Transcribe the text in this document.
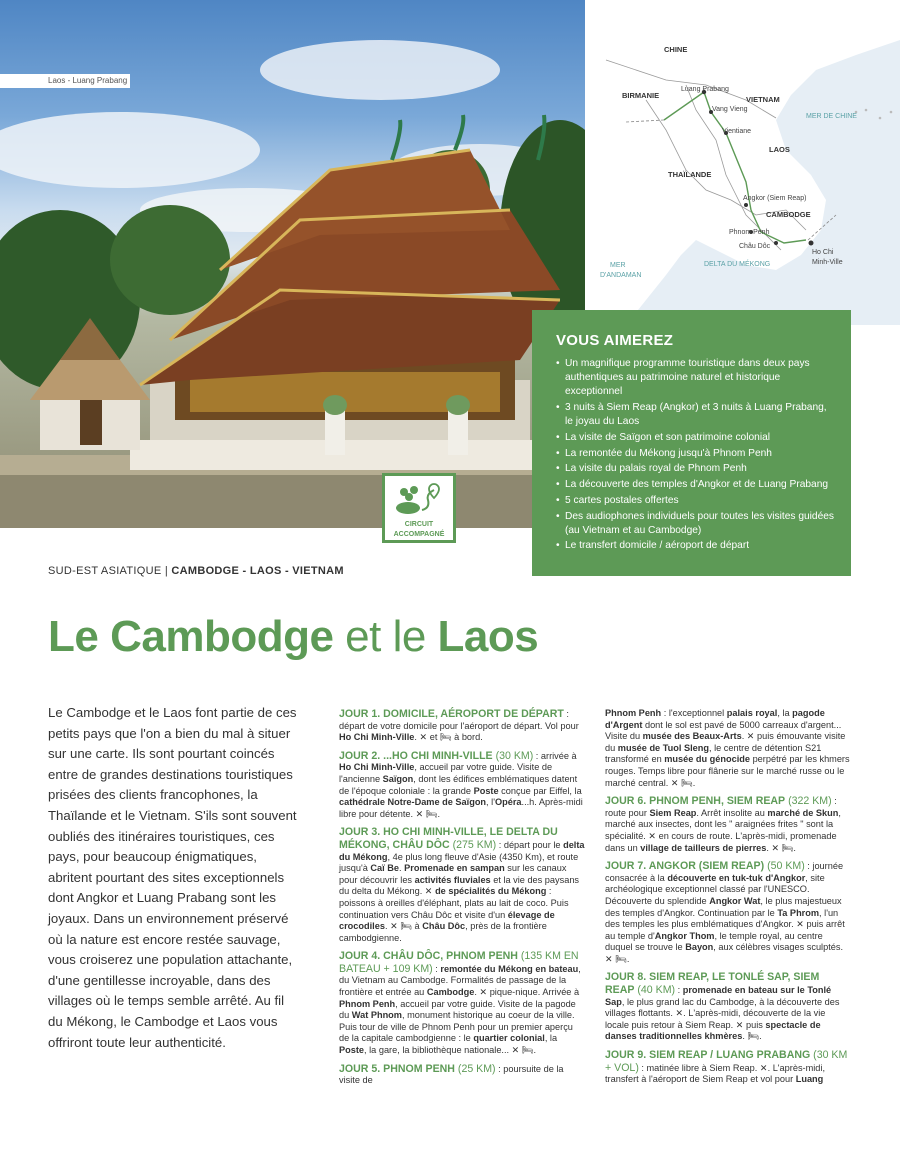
Laos - Luang Prabang
CHINE
BIRMANIE
Luang Prabang
Vang Vieng
VIETNAM
MER DE CHINE
Vientiane
LAOS
THAÏLANDE
Angkor (Siem Reap)
CAMBODGE
Phnom Penh
Châu Dôc
Ho Chi
Minh-Ville
MER
D'ANDAMAN
DELTA DU MÉKONG
VOUS AIMEREZ
• Un magnifique programme touristique dans deux pays authentiques au patrimoine naturel et historique exceptionnel
• 3 nuits à Siem Reap (Angkor) et 3 nuits à Luang Prabang, le joyau du Laos
• La visite de Saïgon et son patrimoine colonial
• La remontée du Mékong jusqu'à Phnom Penh
• La visite du palais royal de Phnom Penh
• La découverte des temples d'Angkor et de Luang Prabang
• 5 cartes postales offertes
• Des audiophones individuels pour toutes les visites guidées (au Vietnam et au Cambodge)
• Le transfert domicile / aéroport de départ
CIRCUIT
ACCOMPAGNÉ
SUD-EST ASIATIQUE | CAMBODGE - LAOS - VIETNAM
Le Cambodge et le Laos

Le Cambodge et le Laos font partie de ces petits pays que l'on a bien du mal à situer sur une carte. Ils sont pourtant coincés entre de grandes destinations touristiques prisées des clients francophones, la Thaïlande et le Vietnam. S'ils sont souvent oubliés des itinéraires touristiques, ces pays, pour beaucoup énigmatiques, abritent pourtant des sites exceptionnels dont Angkor et Luang Prabang sont les joyaux. Dans un environnement préservé où la nature est encore restée sauvage, vous croiserez une population attachante, d'une gentillesse incroyable, dans des villages où le temps semble arrêté. Au fil du Mékong, le Cambodge et Laos vous offriront toute leur authenticité.

JOUR 1. DOMICILE, AÉROPORT DE DÉPART : départ de votre domicile pour l'aéroport de départ. Vol pour Ho Chi Minh-Ville. ✕ et 🛏 à bord.

JOUR 2. ...HO CHI MINH-VILLE (30 KM) : arrivée à Ho Chi Minh-Ville, accueil par votre guide. Visite de l'ancienne Saïgon, dont les édifices emblématiques datent de l'époque coloniale : la grande Poste conçue par Eiffel, la cathédrale Notre-Dame de Saïgon, l'Opéra...h. Après-midi libre pour détente. ✕ 🛏.

JOUR 3. HO CHI MINH-VILLE, LE DELTA DU MÉKONG, CHÂU DÔC (275 KM) : départ pour le delta du Mékong, 4e plus long fleuve d'Asie (4350 Km), et route jusqu'à Caï Be. Promenade en sampan sur les canaux pour découvrir les activités fluviales et la vie des paysans du delta du Mékong. ✕ de spécialités du Mékong : poissons à oreilles d'éléphant, plats au lait de coco. Puis continuation vers Châu Dôc et visite d'un élevage de crocodiles. ✕ 🛏 à Châu Dôc, près de la frontière cambodgienne.

JOUR 4. CHÂU DÔC, PHNOM PENH (135 KM EN BATEAU + 109 KM) : remontée du Mékong en bateau, du Vietnam au Cambodge. Formalités de passage de la frontière et entrée au Cambodge. ✕ pique-nique. Arrivée à Phnom Penh, accueil par votre guide. Visite de la pagode du Wat Phnom, monument historique au coeur de la ville. Puis tour de ville de Phnom Penh pour un premier aperçu de la capitale cambodgienne : le quartier colonial, la Poste, la gare, la bibliothèque nationale... ✕ 🛏.

JOUR 5. PHNOM PENH (25 KM) : poursuite de la visite de

Phnom Penh : l'exceptionnel palais royal, la pagode d'Argent dont le sol est pavé de 5000 carreaux d'argent... Visite du musée des Beaux-Arts. ✕ puis émouvante visite du musée de Tuol Sleng, le centre de détention S21 transformé en musée du génocide perpétré par les khmers rouges. Temps libre pour flânerie sur le marché russe ou le marché central. ✕ 🛏.

JOUR 6. PHNOM PENH, SIEM REAP (322 KM) : route pour Siem Reap. Arrêt insolite au marché de Skun, marché aux insectes, dont les " araignées frites " sont la spécialité. ✕ en cours de route. L'après-midi, promenade dans un village de tailleurs de pierres. ✕ 🛏.

JOUR 7. ANGKOR (SIEM REAP) (50 KM) : journée consacrée à la découverte en tuk-tuk d'Angkor, site archéologique exceptionnel classé par l'UNESCO. Découverte du splendide Angkor Wat, le plus majestueux des temples d'Angkor. Continuation par le Ta Phrom, l'un des temples les plus emblématiques d'Angkor. ✕ puis arrêt au temple d'Angkor Thom, le temple royal, au centre duquel se trouve le Bayon, aux célèbres visages sculptés. ✕ 🛏.

JOUR 8. SIEM REAP, LE TONLÉ SAP, SIEM REAP (40 KM) : promenade en bateau sur le Tonlé Sap, le plus grand lac du Cambodge, à la découverte des villages flottants. ✕. L'après-midi, découverte de la vie locale puis retour à Siem Reap. ✕ puis spectacle de danses traditionnelles khmères. 🛏.

JOUR 9. SIEM REAP / LUANG PRABANG (30 KM + VOL) : matinée libre à Siem Reap. ✕. L'après-midi, transfert à l'aéroport de Siem Reap et vol pour Luang
